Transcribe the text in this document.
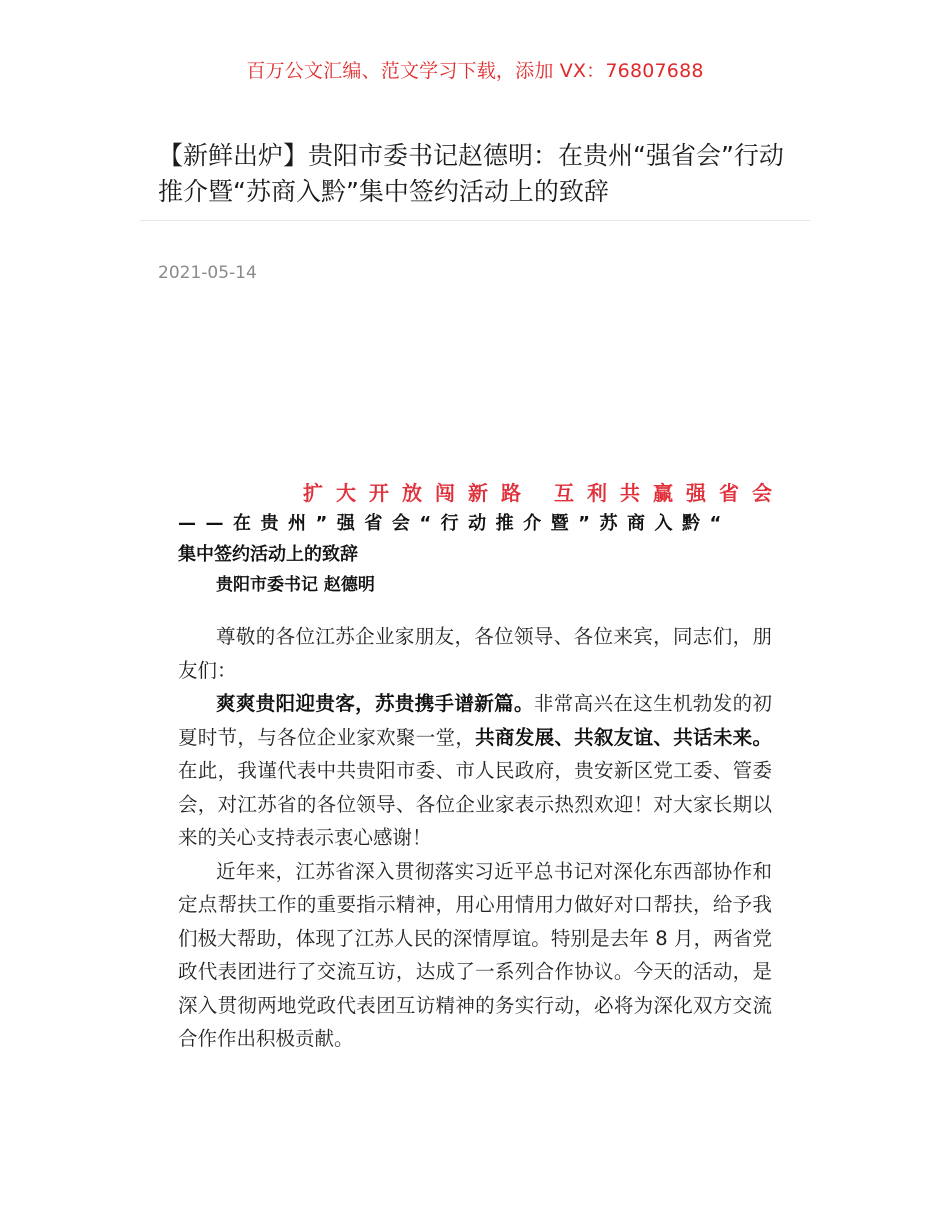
百万公文汇编、范文学习下载，添加 VX：76807688
【新鲜出炉】贵阳市委书记赵德明：在贵州“强省会”行动推介暨“苏商入黔”集中签约活动上的致辞
2021-05-14

扩大开放闯新路 互利共赢强省会

——在贵州”强省会“行动推介暨”苏商入黔“
集中签约活动上的致辞

贵阳市委书记 赵德明

尊敬的各位江苏企业家朋友，各位领导、各位来宾，同志们，朋友们：

爽爽贵阳迎贵客，苏贵携手谱新篇。非常高兴在这生机勃发的初夏时节，与各位企业家欢聚一堂，共商发展、共叙友谊、共话未来。在此，我谨代表中共贵阳市委、市人民政府，贵安新区党工委、管委会，对江苏省的各位领导、各位企业家表示热烈欢迎！对大家长期以来的关心支持表示衷心感谢！

近年来，江苏省深入贯彻落实习近平总书记对深化东西部协作和定点帮扶工作的重要指示精神，用心用情用力做好对口帮扶，给予我们极大帮助，体现了江苏人民的深情厚谊。特别是去年 8 月，两省党政代表团进行了交流互访，达成了一系列合作协议。今天的活动，是深入贯彻两地党政代表团互访精神的务实行动，必将为深化双方交流合作作出积极贡献。
